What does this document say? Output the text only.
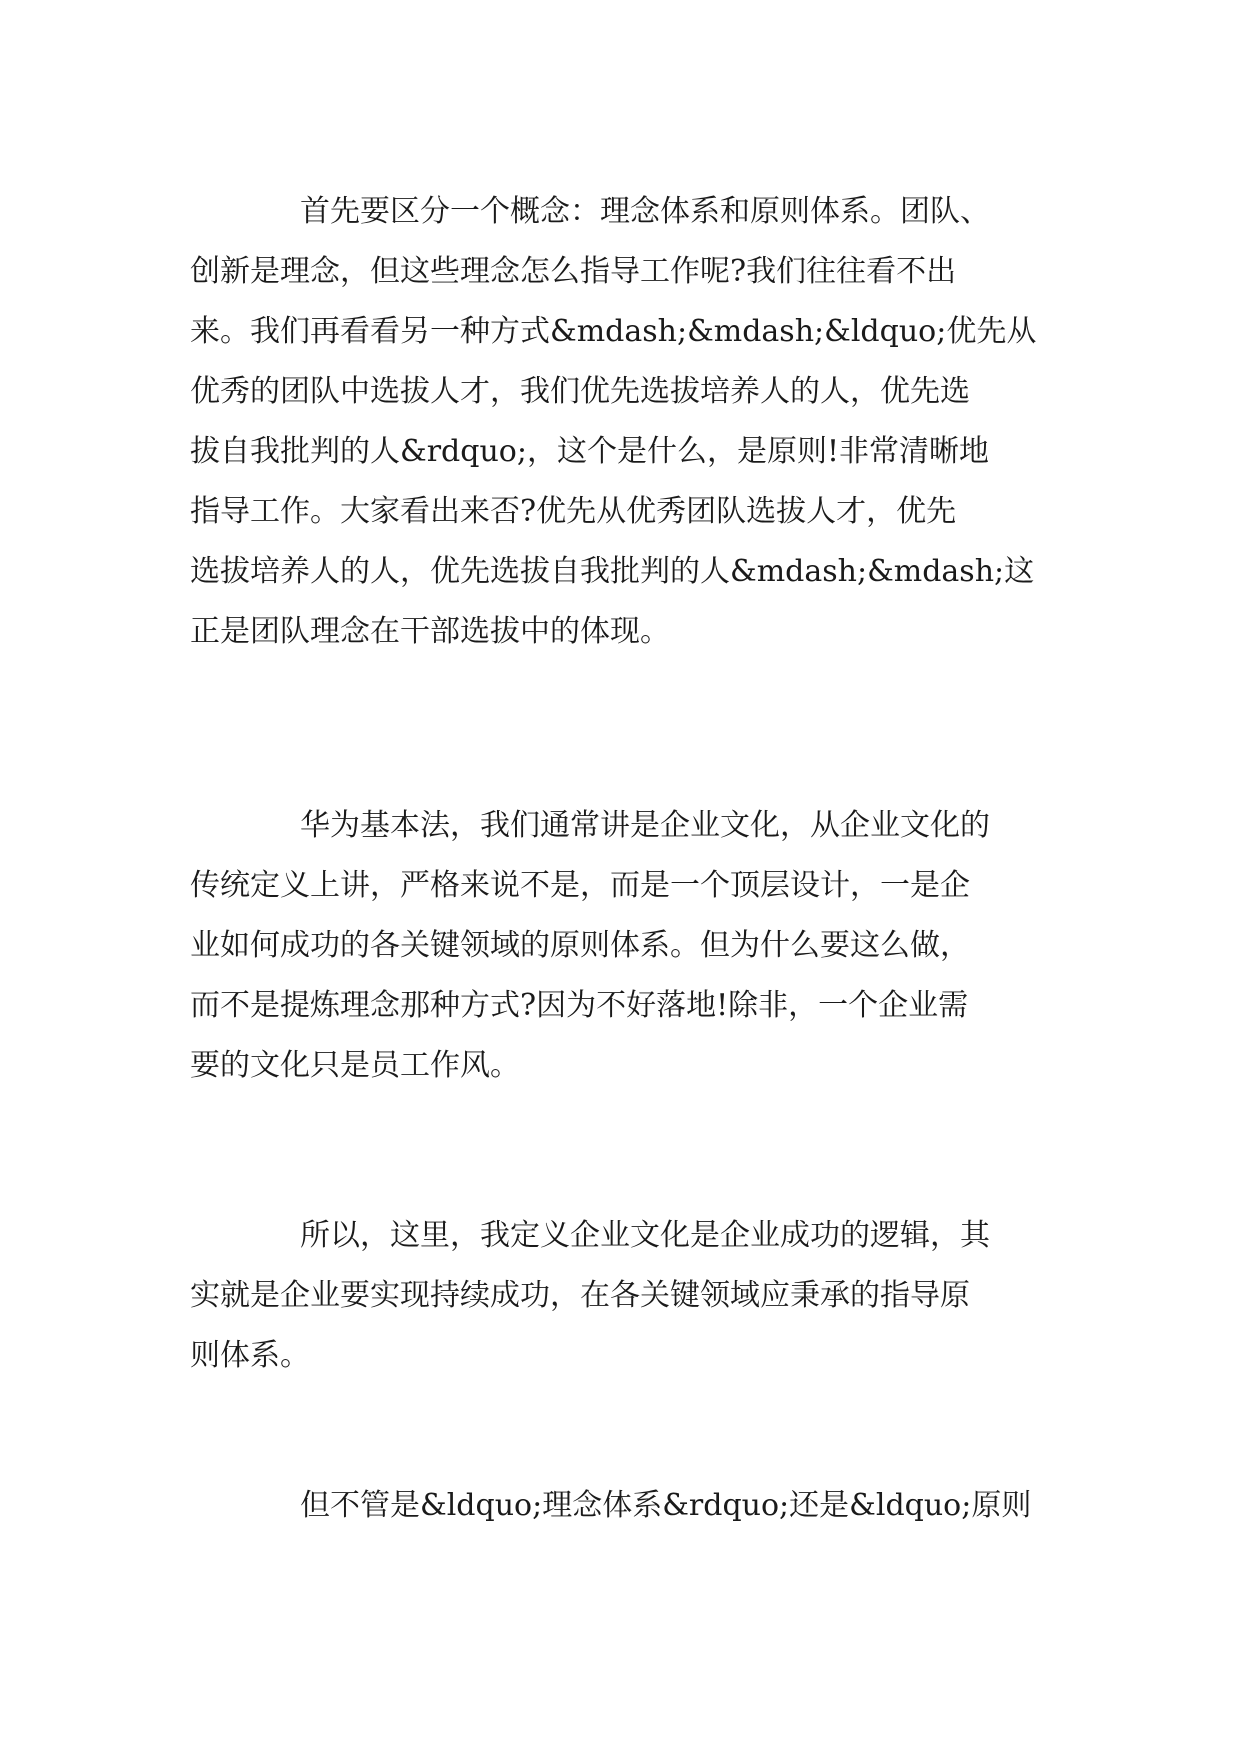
首先要区分一个概念：理念体系和原则体系。团队、
创新是理念，但这些理念怎么指导工作呢?我们往往看不出
来。我们再看看另一种方式&mdash;&mdash;&ldquo;优先从
优秀的团队中选拔人才，我们优先选拔培养人的人，优先选
拔自我批判的人&rdquo;，这个是什么，是原则!非常清晰地
指导工作。大家看出来否?优先从优秀团队选拔人才，优先
选拔培养人的人，优先选拔自我批判的人&mdash;&mdash;这
正是团队理念在干部选拔中的体现。

华为基本法，我们通常讲是企业文化，从企业文化的
传统定义上讲，严格来说不是，而是一个顶层设计，一是企
业如何成功的各关键领域的原则体系。但为什么要这么做，
而不是提炼理念那种方式?因为不好落地!除非，一个企业需
要的文化只是员工作风。

所以，这里，我定义企业文化是企业成功的逻辑，其
实就是企业要实现持续成功，在各关键领域应秉承的指导原
则体系。

但不管是&ldquo;理念体系&rdquo;还是&ldquo;原则
